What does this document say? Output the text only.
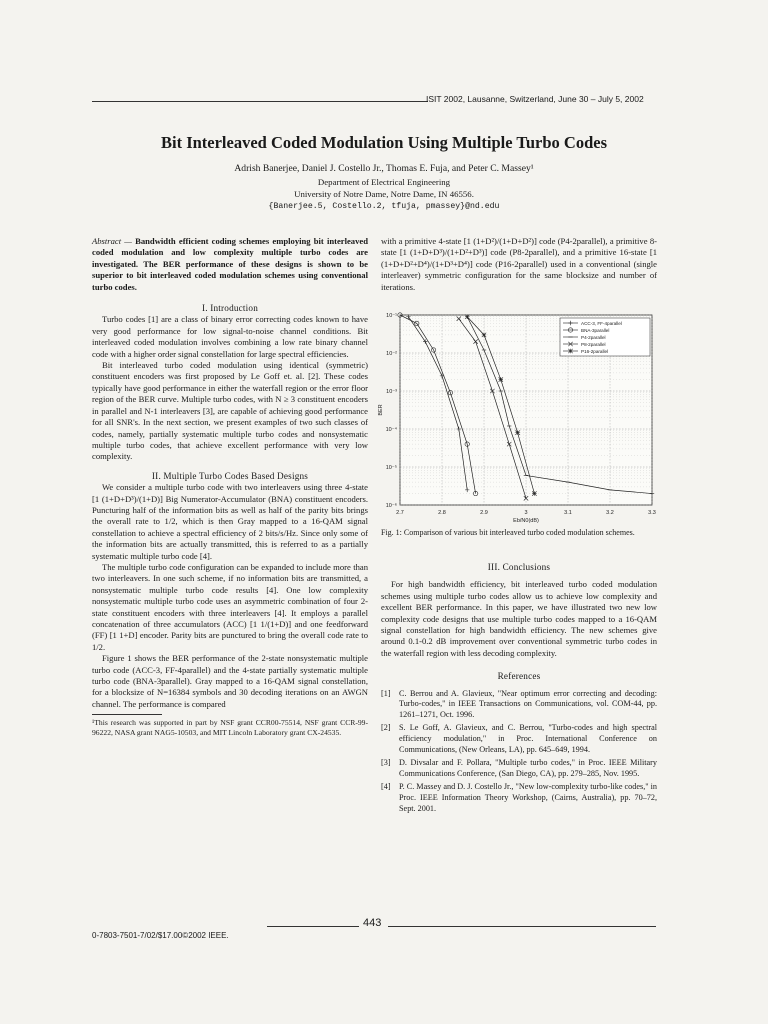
ISIT 2002, Lausanne, Switzerland, June 30 – July 5, 2002
Bit Interleaved Coded Modulation Using Multiple Turbo Codes
Adrish Banerjee, Daniel J. Costello Jr., Thomas E. Fuja, and Peter C. Massey¹
Department of Electrical Engineering
University of Notre Dame, Notre Dame, IN 46556.
{Banerjee.5, Costello.2, tfuja, pmassey}@nd.edu

Abstract — Bandwidth efficient coding schemes employing bit interleaved coded modulation and low complexity multiple turbo codes are investigated. The BER performance of these designs is shown to be superior to bit interleaved coded modulation schemes using conventional turbo codes.

I. Introduction

Turbo codes [1] are a class of binary error correcting codes known to have very good performance for low signal-to-noise channel conditions. Bit interleaved coded modulation involves combining a low rate binary channel code with a higher order signal constellation for large spectral efficiencies.

Bit interleaved turbo coded modulation using identical (symmetric) constituent encoders was first proposed by Le Goff et. al. [2]. These codes typically have good performance in either the waterfall region or the error floor region of the BER curve. Multiple turbo codes, with N ≥ 3 constituent encoders in parallel and N-1 interleavers [3], are capable of achieving good performance for all SNR's. In the next section, we present examples of two such classes of codes, namely, partially systematic multiple turbo codes and nonsystematic multiple turbo codes, that achieve excellent performance with very low complexity.

II. Multiple Turbo Codes Based Designs

We consider a multiple turbo code with two interleavers using three 4-state [1 (1+D+D³)/(1+D)] Big Numerator-Accumulator (BNA) constituent encoders. Puncturing half of the information bits as well as half of the parity bits brings the overall rate to 1/2, which is then Gray mapped to a 16-QAM signal constellation to achieve a spectral efficiency of 2 bits/s/Hz. Since only some of the information bits are actually transmitted, this is referred to as a partially systematic multiple turbo code [4].

The multiple turbo code configuration can be expanded to include more than two interleavers. In one such scheme, if no information bits are transmitted, a nonsystematic multiple turbo code results [4]. One low complexity nonsystematic multiple turbo code uses an asymmetric combination of four 2-state constituent encoders with three interleavers [4]. It employs a parallel concatenation of three accumulators (ACC) [1 1/(1+D)] and one feedforward (FF) [1 1+D] encoder. Parity bits are punctured to bring the overall code rate to 1/2.

Figure 1 shows the BER performance of the 2-state nonsystematic multiple turbo code (ACC-3, FF-4parallel) and the 4-state partially systematic multiple turbo code (BNA-3parallel). Gray mapped to a 16-QAM signal constellation, for a blocksize of N=16384 symbols and 30 decoding iterations on an AWGN channel. The performance is compared

¹This research was supported in part by NSF grant CCR00-75514, NSF grant CCR-99-96222, NASA grant NAG5-10503, and MIT Lincoln Laboratory grant CX-24535.

with a primitive 4-state [1 (1+D²)/(1+D+D²)] code (P4-2parallel), a primitive 8-state [1 (1+D+D³)/(1+D²+D³)] code (P8-2parallel), and a primitive 16-state [1 (1+D+D²+D⁴)/(1+D³+D⁴)] code (P16-2parallel) used in a conventional (single interleaver) symmetric configuration for the same blocksize and number of iterations.

2.7	2.8	2.9	3	3.1	3.2	3.3
10⁻¹
10⁻²
10⁻³
10⁻⁴
10⁻⁵
10⁻⁶
Eb/N0(dB)
BER
ACC-3, FF-4parallel
BNA-3parallel
P4-2parallel
P8-2parallel
P16-2parallel
Fig. 1: Comparison of various bit interleaved turbo coded modulation schemes.

III. Conclusions

For high bandwidth efficiency, bit interleaved turbo coded modulation schemes using multiple turbo codes allow us to achieve low complexity and excellent BER performance. In this paper, we have illustrated two new low complexity code designs that use multiple turbo codes mapped to a 16-QAM signal constellation for high bandwidth efficiency. The new schemes give around 0.1-0.2 dB improvement over conventional symmetric turbo codes in the waterfall region with less decoding complexity.

References

[1]	C. Berrou and A. Glavieux, "Near optimum error correcting and decoding: Turbo-codes," in IEEE Transactions on Communications, vol. COM-44, pp. 1261–1271, Oct. 1996.
[2]	S. Le Goff, A. Glavieux, and C. Berrou, "Turbo-codes and high spectral efficiency modulation," in Proc. International Conference on Communications, (New Orleans, LA), pp. 645–649, 1994.
[3]	D. Divsalar and F. Pollara, "Multiple turbo codes," in Proc. IEEE Military Communications Conference, (San Diego, CA), pp. 279–285, Nov. 1995.
[4]	P. C. Massey and D. J. Costello Jr., "New low-complexity turbo-like codes," in Proc. IEEE Information Theory Workshop, (Cairns, Australia), pp. 70–72, Sept. 2001.
0-7803-7501-7/02/$17.00©2002 IEEE.
443
